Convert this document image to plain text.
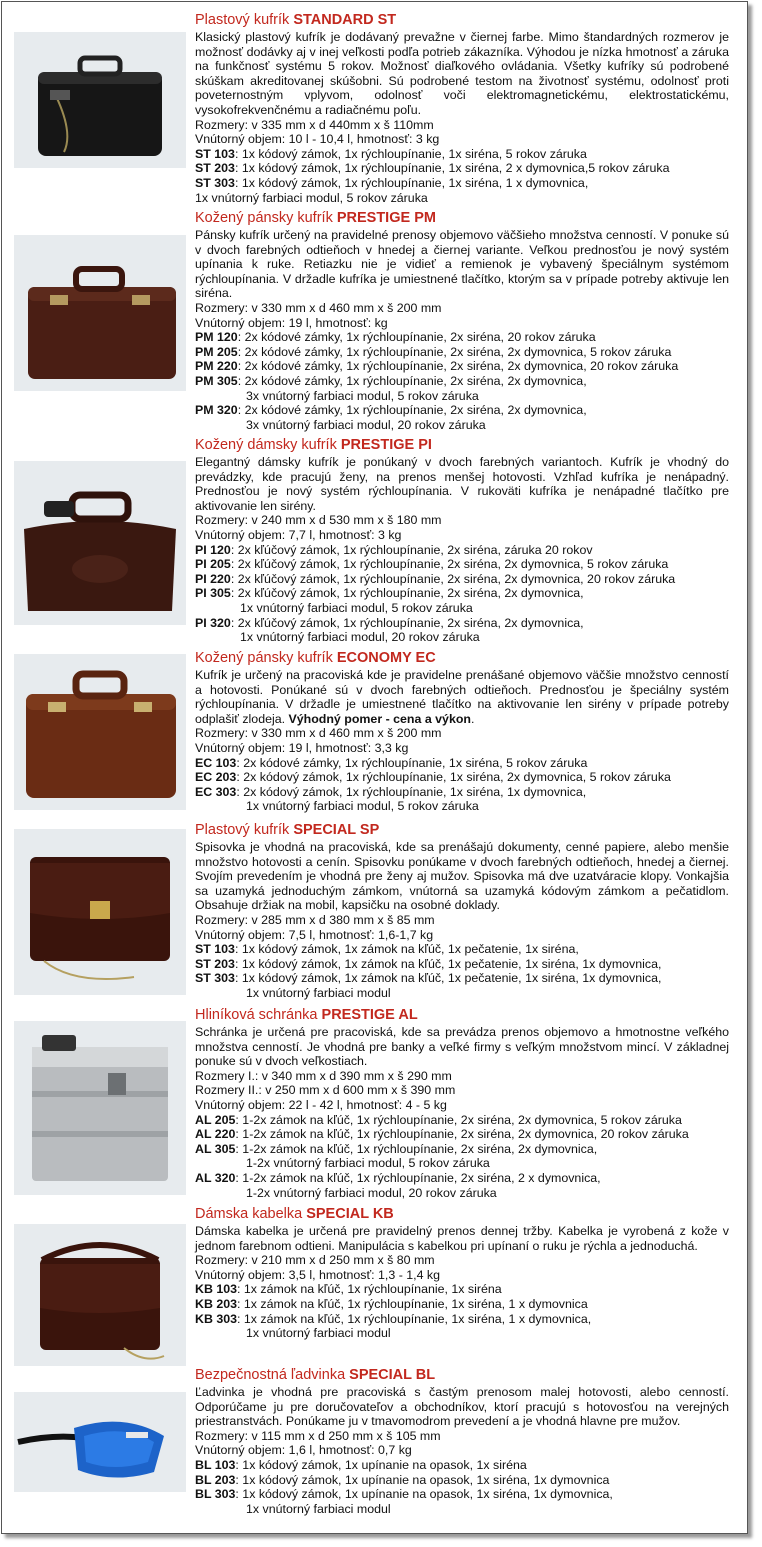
Plastový kufrík STANDARD ST
Klasický plastový kufrík je dodávaný prevažne v čiernej farbe. Mimo štandardných rozmerov je možnosť dodávky aj v inej veľkosti podľa potrieb zákazníka. Výhodou je nízka hmotnosť a záruka na funkčnosť systému 5 rokov. Možnosť diaľkového ovládania. Všetky kufríky sú podrobené skúškam akreditovanej skúšobni. Sú podrobené testom na životnosť systému, odolnosť proti poveternostným vplyvom, odolnosť voči elektromagnetickému, elektrostatickému, vysokofrekvenčnému a radiačnému poľu.
Rozmery: v 335 mm x d 440mm x š 110mm
Vnútorný objem: 10 l - 10,4 l, hmotnosť: 3 kg
ST 103: 1x kódový zámok, 1x rýchloupínanie, 1x siréna, 5 rokov záruka
ST 203: 1x kódový zámok, 1x rýchloupínanie, 1x siréna, 2 x dymovnica,5 rokov záruka
ST 303: 1x kódový zámok, 1x rýchloupínanie, 1x siréna, 1 x dymovnica,
1x vnútorný farbiaci modul, 5 rokov záruka
Kožený pánsky kufrík PRESTIGE PM
Pánsky kufrík určený na pravidelné prenosy objemovo väčšieho množstva cenností. V ponuke sú v dvoch farebných odtieňoch v hnedej a čiernej variante. Veľkou prednosťou je nový systém upínania k ruke. Retiazku nie je vidieť a remienok je vybavený špeciálnym systémom rýchloupínania. V držadle kufríka je umiestnené tlačítko, ktorým sa v prípade potreby aktivuje len siréna.
Rozmery: v 330 mm x d 460 mm x š 200 mm
Vnútorný objem: 19 l, hmotnosť: kg
PM 120: 2x kódové zámky, 1x rýchloupínanie, 2x siréna, 20 rokov záruka
PM 205: 2x kódové zámky, 1x rýchloupínanie, 2x siréna, 2x dymovnica, 5 rokov záruka
PM 220: 2x kódové zámky, 1x rýchloupínanie, 2x siréna, 2x dymovnica, 20 rokov záruka
PM 305: 2x kódové zámky, 1x rýchloupínanie, 2x siréna, 2x dymovnica,
3x vnútorný farbiaci modul, 5 rokov záruka
PM 320: 2x kódové zámky, 1x rýchloupínanie, 2x siréna, 2x dymovnica,
3x vnútorný farbiaci modul, 20 rokov záruka
Kožený dámsky kufrík PRESTIGE PI
Elegantný dámsky kufrík je ponúkaný v dvoch farebných variantoch. Kufrík je vhodný do prevádzky, kde pracujú ženy, na prenos menšej hotovosti. Vzhľad kufríka je nenápadný. Prednosťou je nový systém rýchloupínania. V rukoväti kufríka je nenápadné tlačítko pre aktivovanie len sirény.
Rozmery: v 240 mm x d 530 mm x š 180 mm
Vnútorný objem: 7,7 l, hmotnosť: 3 kg
PI 120: 2x kľúčový zámok, 1x rýchloupínanie, 2x siréna, záruka 20 rokov
PI 205: 2x kľúčový zámok, 1x rýchloupínanie, 2x siréna, 2x dymovnica, 5 rokov záruka
PI 220: 2x kľúčový zámok, 1x rýchloupínanie, 2x siréna, 2x dymovnica, 20 rokov záruka
PI 305: 2x kľúčový zámok, 1x rýchloupínanie, 2x siréna, 2x dymovnica,
1x vnútorný farbiaci modul, 5 rokov záruka
PI 320: 2x kľúčový zámok, 1x rýchloupínanie, 2x siréna, 2x dymovnica,
1x vnútorný farbiaci modul, 20 rokov záruka
Kožený pánsky kufrík ECONOMY EC
Kufrík je určený na pracoviská kde je pravidelne prenášané objemovo väčšie množstvo cenností a hotovosti. Ponúkané sú v dvoch farebných odtieňoch. Prednosťou je špeciálny systém rýchloupínania. V držadle je umiestnené tlačítko na aktivovanie len sirény v prípade potreby odplašiť zlodeja. Výhodný pomer - cena a výkon.
Rozmery: v 330 mm x d 460 mm x š 200 mm
Vnútorný objem: 19 l, hmotnosť: 3,3 kg
EC 103: 2x kódové zámky, 1x rýchloupínanie, 1x siréna, 5 rokov záruka
EC 203: 2x kódový zámok, 1x rýchloupínanie, 1x siréna, 2x dymovnica, 5 rokov záruka
EC 303: 2x kódový zámok, 1x rýchloupínanie, 1x siréna, 1x dymovnica,
1x vnútorný farbiaci modul, 5 rokov záruka
Plastový kufrík SPECIAL SP
Spisovka je vhodná na pracoviská, kde sa prenášajú dokumenty, cenné papiere, alebo menšie množstvo hotovosti a cenín. Spisovku ponúkame v dvoch farebných odtieňoch, hnedej a čiernej. Svojím prevedením je vhodná pre ženy aj mužov. Spisovka má dve uzatváracie klopy. Vonkajšia sa uzamyká jednoduchým zámkom, vnútorná sa uzamyká kódovým zámkom a pečatidlom. Obsahuje držiak na mobil, kapsičku na osobné doklady.
Rozmery: v 285 mm x d 380 mm x š 85 mm
Vnútorný objem: 7,5 l, hmotnosť: 1,6-1,7 kg
ST 103: 1x kódový zámok, 1x zámok na kľúč, 1x pečatenie, 1x siréna,
ST 203: 1x kódový zámok, 1x zámok na kľúč, 1x pečatenie, 1x siréna, 1x dymovnica,
ST 303: 1x kódový zámok, 1x zámok na kľúč, 1x pečatenie, 1x siréna, 1x dymovnica,
1x vnútorný farbiaci modul
Hliníková schránka PRESTIGE AL
Schránka je určená pre pracoviská, kde sa prevádza prenos objemovo a hmotnostne veľkého množstva cenností. Je vhodná pre banky a veľké firmy s veľkým množstvom mincí. V základnej ponuke sú v dvoch veľkostiach.
Rozmery I.: v 340 mm x d 390 mm x š 290 mm
Rozmery II.: v 250 mm x d 600 mm x š 390 mm
Vnútorný objem: 22 l - 42 l, hmotnosť: 4 - 5 kg
AL 205: 1-2x zámok na kľúč, 1x rýchloupínanie, 2x siréna, 2x dymovnica, 5 rokov záruka
AL 220: 1-2x zámok na kľúč, 1x rýchloupínanie, 2x siréna, 2x dymovnica, 20 rokov záruka
AL 305: 1-2x zámok na kľúč, 1x rýchloupínanie, 2x siréna, 2x dymovnica,
1-2x vnútorný farbiaci modul, 5 rokov záruka
AL 320: 1-2x zámok na kľúč, 1x rýchloupínanie, 2x siréna, 2 x dymovnica,
1-2x vnútorný farbiaci modul, 20 rokov záruka
Dámska kabelka SPECIAL KB
Dámska kabelka je určená pre pravidelný prenos dennej tržby. Kabelka je vyrobená z kože v jednom farebnom odtieni. Manipulácia s kabelkou pri upínaní o ruku je rýchla a jednoduchá.
Rozmery: v 210 mm x d 250 mm x š 80 mm
Vnútorný objem: 3,5 l, hmotnosť: 1,3 - 1,4 kg
KB 103: 1x zámok na kľúč, 1x rýchloupínanie, 1x siréna
KB 203: 1x zámok na kľúč, 1x rýchloupínanie, 1x siréna, 1 x dymovnica
KB 303: 1x zámok na kľúč, 1x rýchloupínanie, 1x siréna, 1 x dymovnica,
1x vnútorný farbiaci modul
Bezpečnostná ľadvinka SPECIAL BL
Ľadvinka je vhodná pre pracoviská s častým prenosom malej hotovosti, alebo cenností. Odporúčame ju pre doručovateľov a obchodníkov, ktorí pracujú s hotovosťou na verejných priestranstvách. Ponúkame ju v tmavomodrom prevedení a je vhodná hlavne pre mužov.
Rozmery: v 115 mm x d 250 mm x š 105 mm
Vnútorný objem: 1,6 l, hmotnosť: 0,7 kg
BL 103: 1x kódový zámok, 1x upínanie na opasok, 1x siréna
BL 203: 1x kódový zámok, 1x upínanie na opasok, 1x siréna, 1x dymovnica
BL 303: 1x kódový zámok, 1x upínanie na opasok, 1x siréna, 1x dymovnica,
1x vnútorný farbiaci modul
